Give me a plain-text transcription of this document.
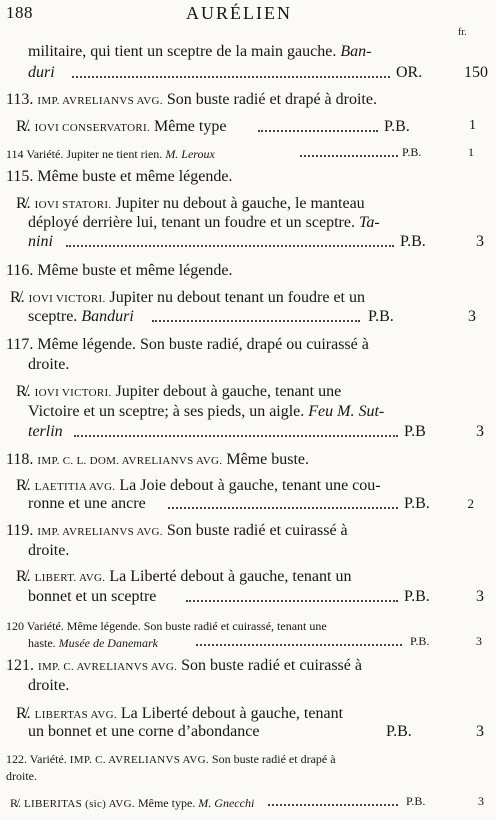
188	AURÉLIEN
fr.
militaire, qui tient un sceptre de la main gauche. Ban-
duri	OR.	150
113. IMP. AVRELIANVS AVG. Son buste radié et drapé à droite.
R̸. IOVI CONSERVATORI. Même type	P.B.	1
114 Variété. Jupiter ne tient rien. M. Leroux	P.B.	1
115. Même buste et même légende.
R̸. IOVI STATORI. Jupiter nu debout à gauche, le manteau
déployé derrière lui, tenant un foudre et un sceptre. Ta-
nini	P.B.	3
116. Même buste et même légende.
R̸. IOVI VICTORI. Jupiter nu debout tenant un foudre et un
sceptre. Banduri	P.B.	3
117. Même légende. Son buste radié, drapé ou cuirassé à
droite.
R̸. IOVI VICTORI. Jupiter debout à gauche, tenant une
Victoire et un sceptre; à ses pieds, un aigle. Feu M. Sut-
terlin	P.B	3
118. IMP. C. L. DOM. AVRELIANVS AVG. Même buste.
R̸. LAETITIA AVG. La Joie debout à gauche, tenant une cou-
ronne et une ancre	P.B.	2
119. IMP. AVRELIANVS AVG. Son buste radié et cuirassé à
droite.
R̸. LIBERT. AVG. La Liberté debout à gauche, tenant un
bonnet et un sceptre	P.B.	3
120 Variété. Même légende. Son buste radié et cuirassé, tenant une
haste. Musée de Danemark	P.B.	3
121. IMP. C. AVRELIANVS AVG. Son buste radié et cuirassé à
droite.
R̸. LIBERTAS AVG. La Liberté debout à gauche, tenant
un bonnet et une corne d’abondance	P.B.	3
122. Variété. IMP. C. AVRELIANVS AVG. Son buste radié et drapé à
droite.
R̸. LIBERITAS (sic) AVG. Même type. M. Gnecchi	P.B.	3
